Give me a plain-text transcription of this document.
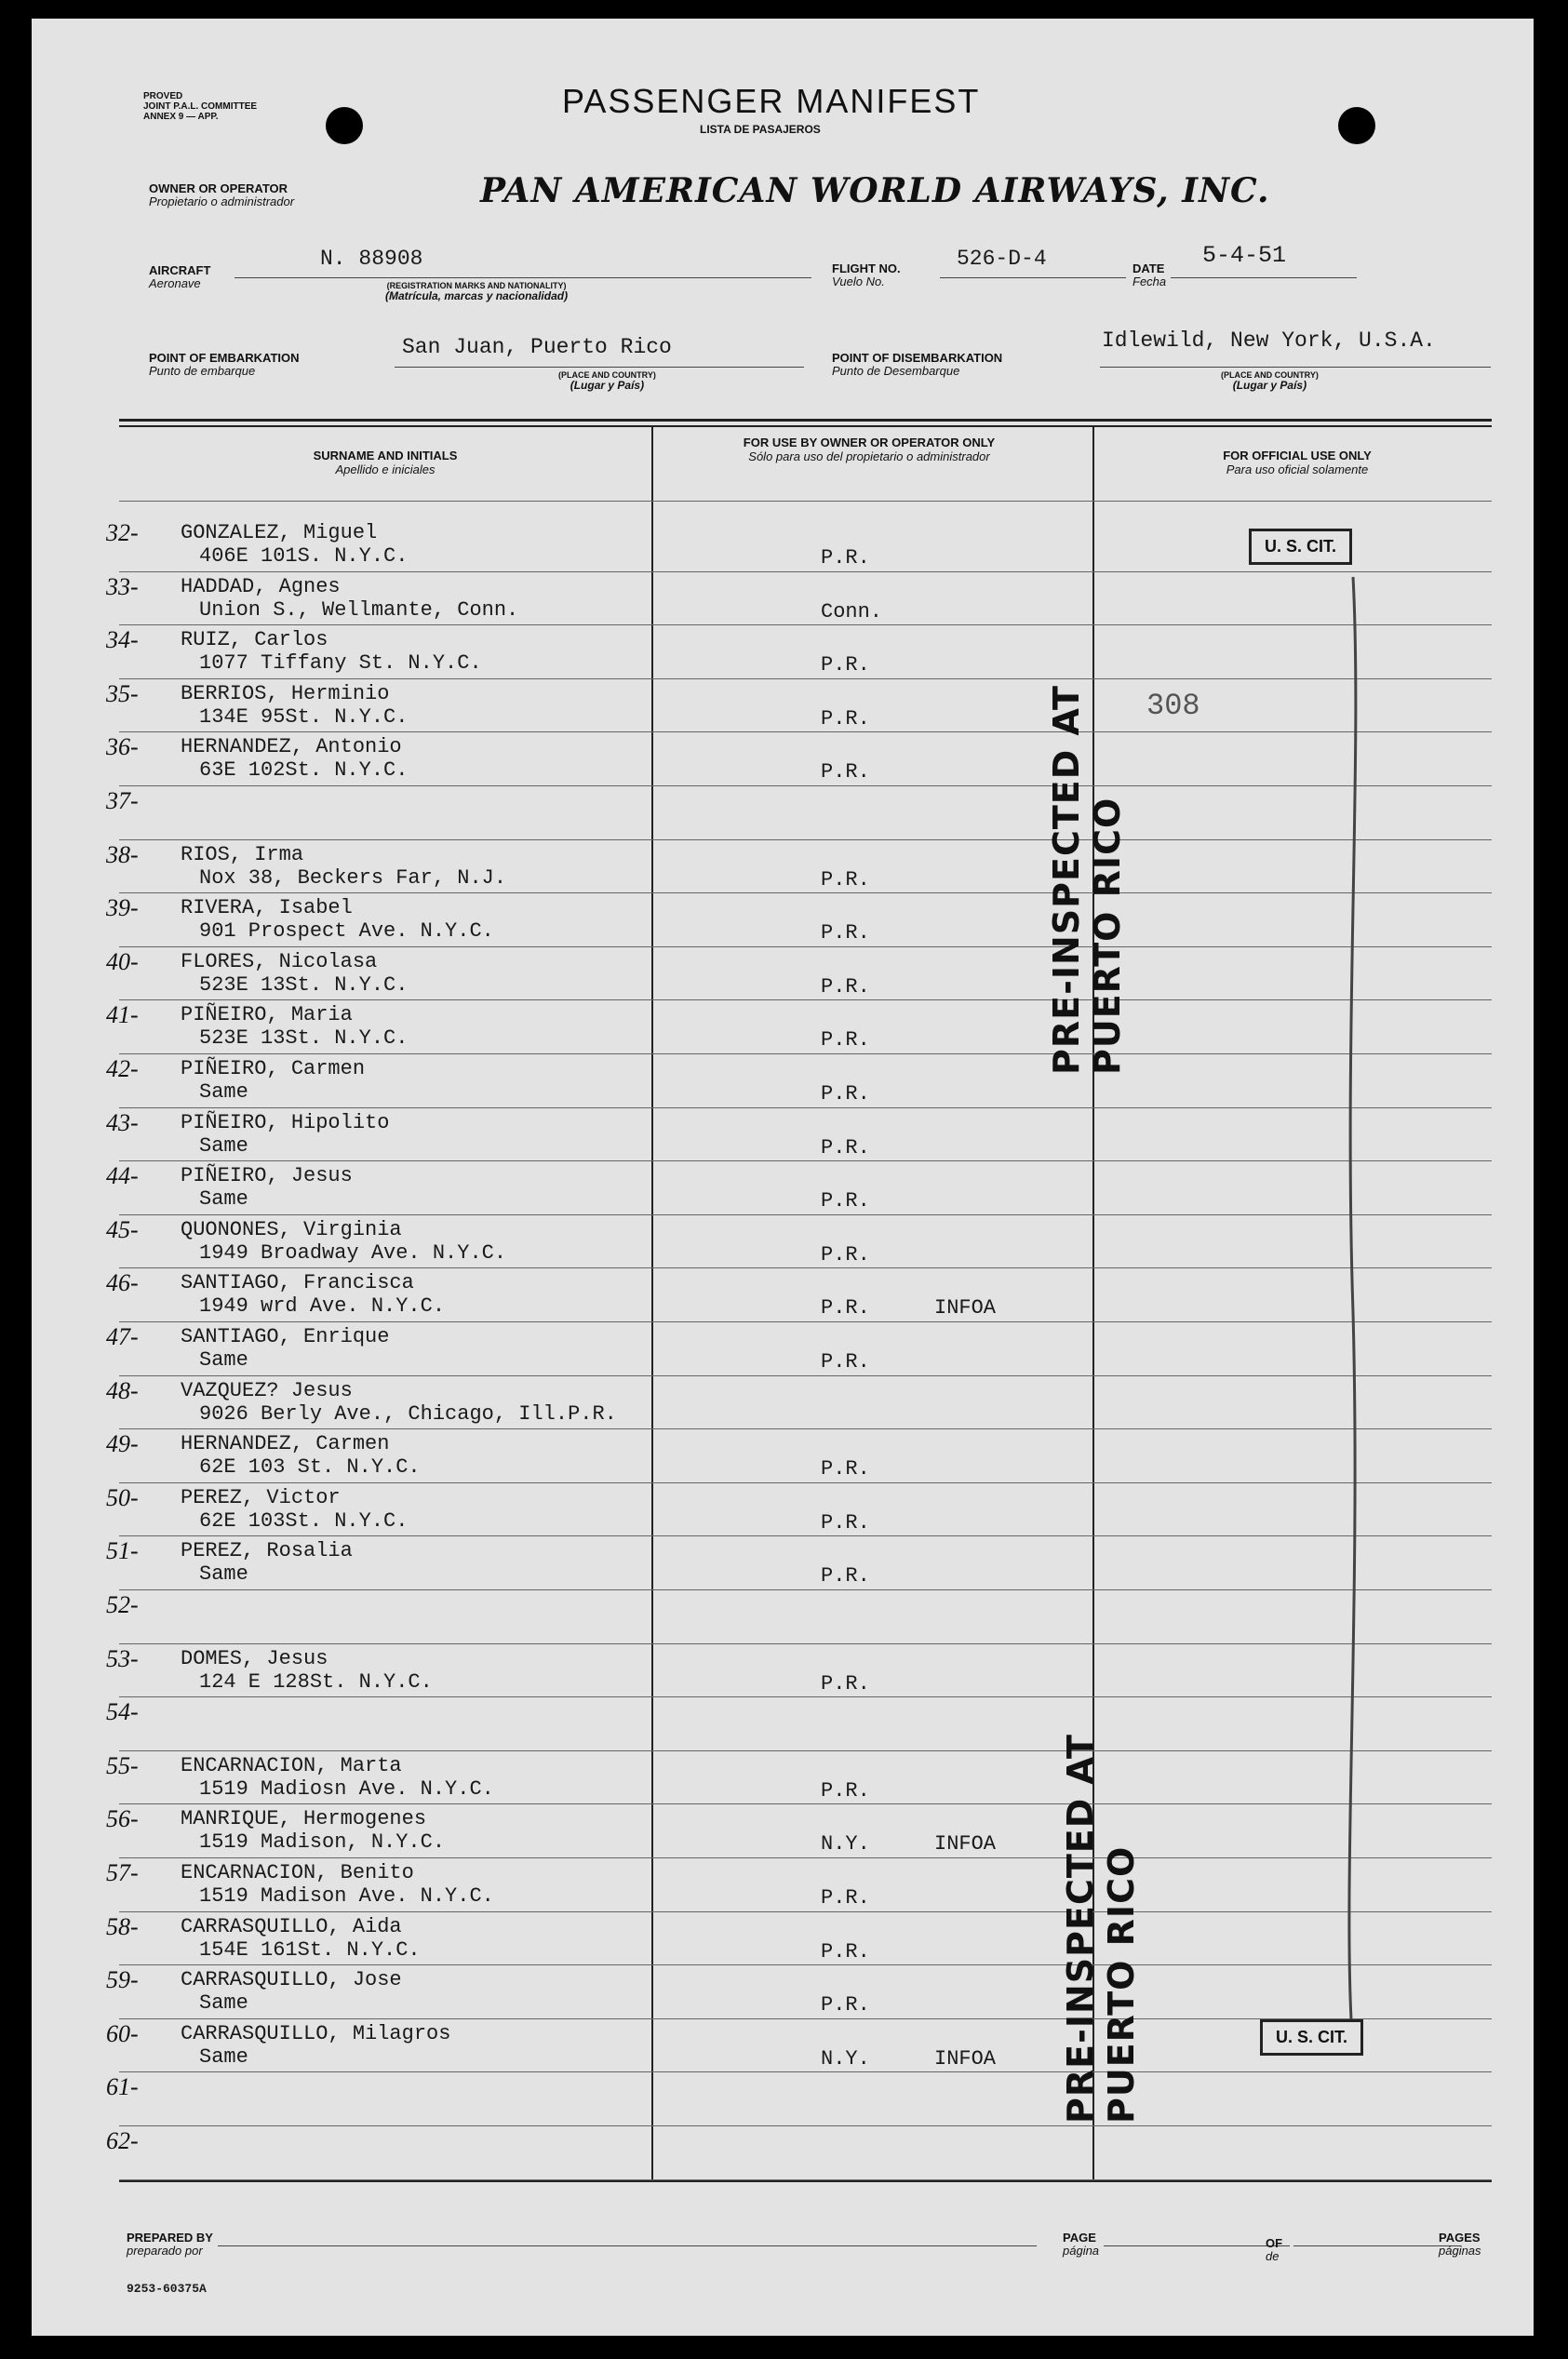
PROVED
JOINT P.A.L. COMMITTEE
ANNEX 9 — APP.	PASSENGER MANIFEST
LISTA DE PASAJEROS
OWNER OR OPERATOR
Propietario o administrador	PAN AMERICAN WORLD AIRWAYS, INC.
AIRCRAFT
Aeronave
N. 88908
(REGISTRATION MARKS AND NATIONALITY)
(Matrícula, marcas y nacionalidad)
FLIGHT NO.
Vuelo No.
526-D-4	DATE
Fecha
5-4-51
POINT OF EMBARKATION
Punto de embarque
San Juan, Puerto Rico
(PLACE AND COUNTRY)
(Lugar y País)
POINT OF DISEMBARKATION
Punto de Desembarque
Idlewild, New York, U.S.A.
(PLACE AND COUNTRY)
(Lugar y País)
SURNAME AND INITIALS
Apellido e iniciales
FOR USE BY OWNER OR OPERATOR ONLY
Sólo para uso del propietario o administrador	FOR OFFICIAL USE ONLY
Para uso oficial solamente
32- GONZALEZ, Miguel
406E 101S. N.Y.C.	P.R.
33- HADDAD, Agnes
Union S., Wellmante, Conn.	Conn.
34- RUIZ, Carlos
1077 Tiffany St. N.Y.C.	P.R.
35- BERRIOS, Herminio
134E 95St. N.Y.C.	P.R.
36- HERNANDEZ, Antonio
63E 102St. N.Y.C.	P.R.
37-
38- RIOS, Irma
Nox 38, Beckers Far, N.J.	P.R.
39- RIVERA, Isabel
901 Prospect Ave. N.Y.C.	P.R.
40- FLORES, Nicolasa
523E 13St. N.Y.C.	P.R.
41- PIÑEIRO, Maria
523E 13St. N.Y.C.	P.R.
42- PIÑEIRO, Carmen
Same	P.R.
43- PIÑEIRO, Hipolito
Same	P.R.
44- PIÑEIRO, Jesus
Same	P.R.
45- QUONONES, Virginia
1949 Broadway Ave. N.Y.C.	P.R.
46- SANTIAGO, Francisca
1949 wrd Ave. N.Y.C.	P.R.	INFOA
47- SANTIAGO, Enrique
Same	P.R.
48- VAZQUEZ? Jesus
9026 Berly Ave., Chicago, Ill.P.R.
49- HERNANDEZ, Carmen
62E 103 St. N.Y.C.	P.R.
50- PEREZ, Victor
62E 103St. N.Y.C.	P.R.
51- PEREZ, Rosalia
Same	P.R.
52-
53- DOMES, Jesus
124 E 128St. N.Y.C.	P.R.
54-
55- ENCARNACION, Marta
1519 Madiosn Ave. N.Y.C.	P.R.
56- MANRIQUE, Hermogenes
1519 Madison, N.Y.C.	N.Y.	INFOA
57- ENCARNACION, Benito
1519 Madison Ave. N.Y.C.	P.R.
58- CARRASQUILLO, Aida
154E 161St. N.Y.C.	P.R.
59- CARRASQUILLO, Jose
Same	P.R.
60- CARRASQUILLO, Milagros
Same	N.Y.	INFOA
61-
62-
PRE-INSPECTED AT PUERTO RICO
PRE-INSPECTED AT PUERTO RICO
U. S. CIT.
308
U. S. CIT.
PREPARED BY
preparado por
PAGE
página
OF
de
PAGES
páginas
9253-60375A
